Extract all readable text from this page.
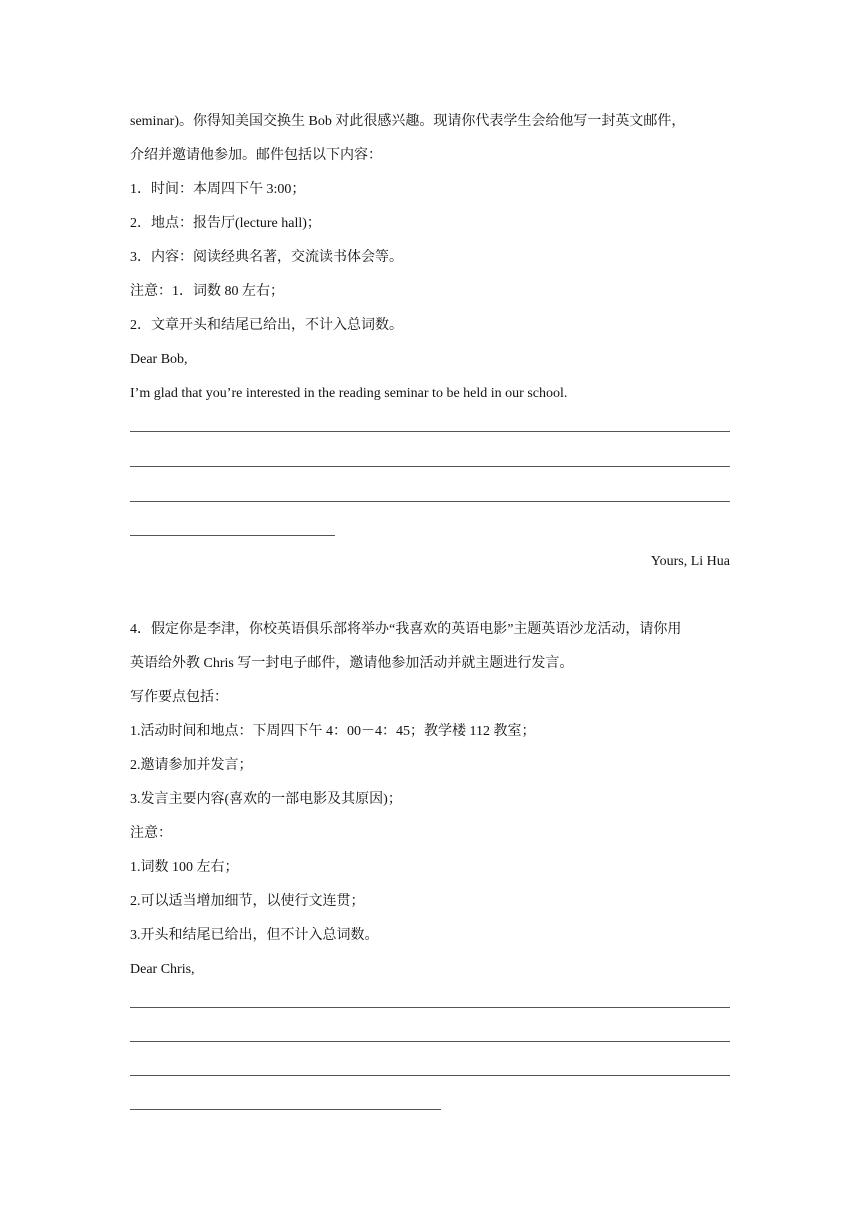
seminar)。你得知美国交换生 Bob 对此很感兴趣。现请你代表学生会给他写一封英文邮件，
介绍并邀请他参加。邮件包括以下内容：
1．时间：本周四下午 3:00；
2．地点：报告厅(lecture hall)；
3．内容：阅读经典名著，交流读书体会等。
注意：1．词数 80 左右；
2．文章开头和结尾已给出，不计入总词数。
Dear Bob,
I’m glad that you’re interested in the reading seminar to be held in our school.
Yours, Li Hua
4．假定你是李津，你校英语俱乐部将举办“我喜欢的英语电影”主题英语沙龙活动，请你用
英语给外教 Chris 写一封电子邮件，邀请他参加活动并就主题进行发言。
写作要点包括：
1.活动时间和地点：下周四下午 4：00－4：45；教学楼 112 教室；
2.邀请参加并发言；
3.发言主要内容(喜欢的一部电影及其原因)；
注意：
1.词数 100 左右；
2.可以适当增加细节，以使行文连贯；
3.开头和结尾已给出，但不计入总词数。
Dear Chris,
